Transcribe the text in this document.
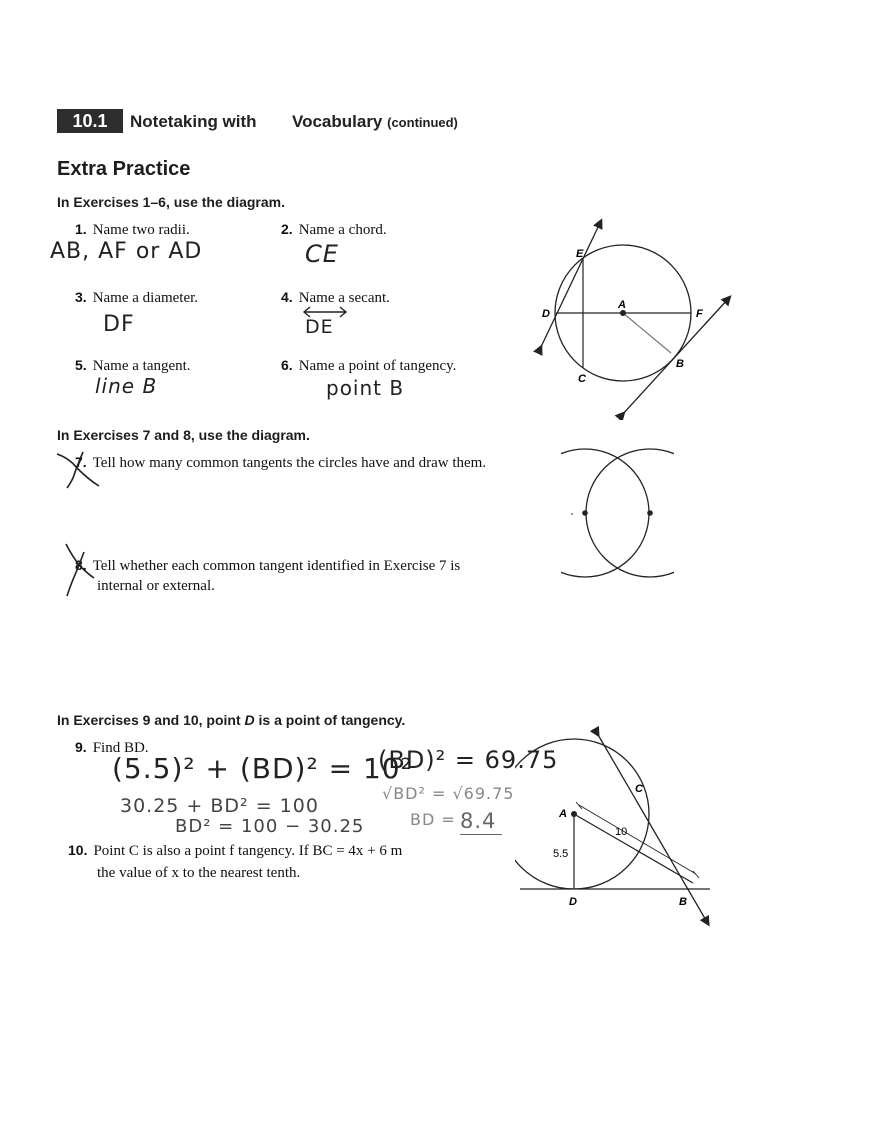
10.1	Notetaking with Vocabulary (continued)
Extra Practice
In Exercises 1–6, use the diagram.
1. Name two radii.
AB, AF or AD
2. Name a chord.
CE
3. Name a diameter.
DF
4. Name a secant.
DE
5. Name a tangent.
line B
6. Name a point of tangency.
point B
E
A
D	F
B
C
In Exercises 7 and 8, use the diagram.
7. Tell how many common tangents the circles have and draw them.
8. Tell whether each common tangent identified in Exercise 7 is
internal or external.
In Exercises 9 and 10, point D is a point of tangency.
9. Find BD.
(5.5)² + (BD)² = 10²
30.25 + BD² = 100
BD² = 100 − 30.25
(BD)² = 69.75
√BD² = √69.75
BD = 8.4
10. Point C is also a point f tangency. If BC = 4x + 6 m
the value of x to the nearest tenth.
A
C
D	B
5.5
10
